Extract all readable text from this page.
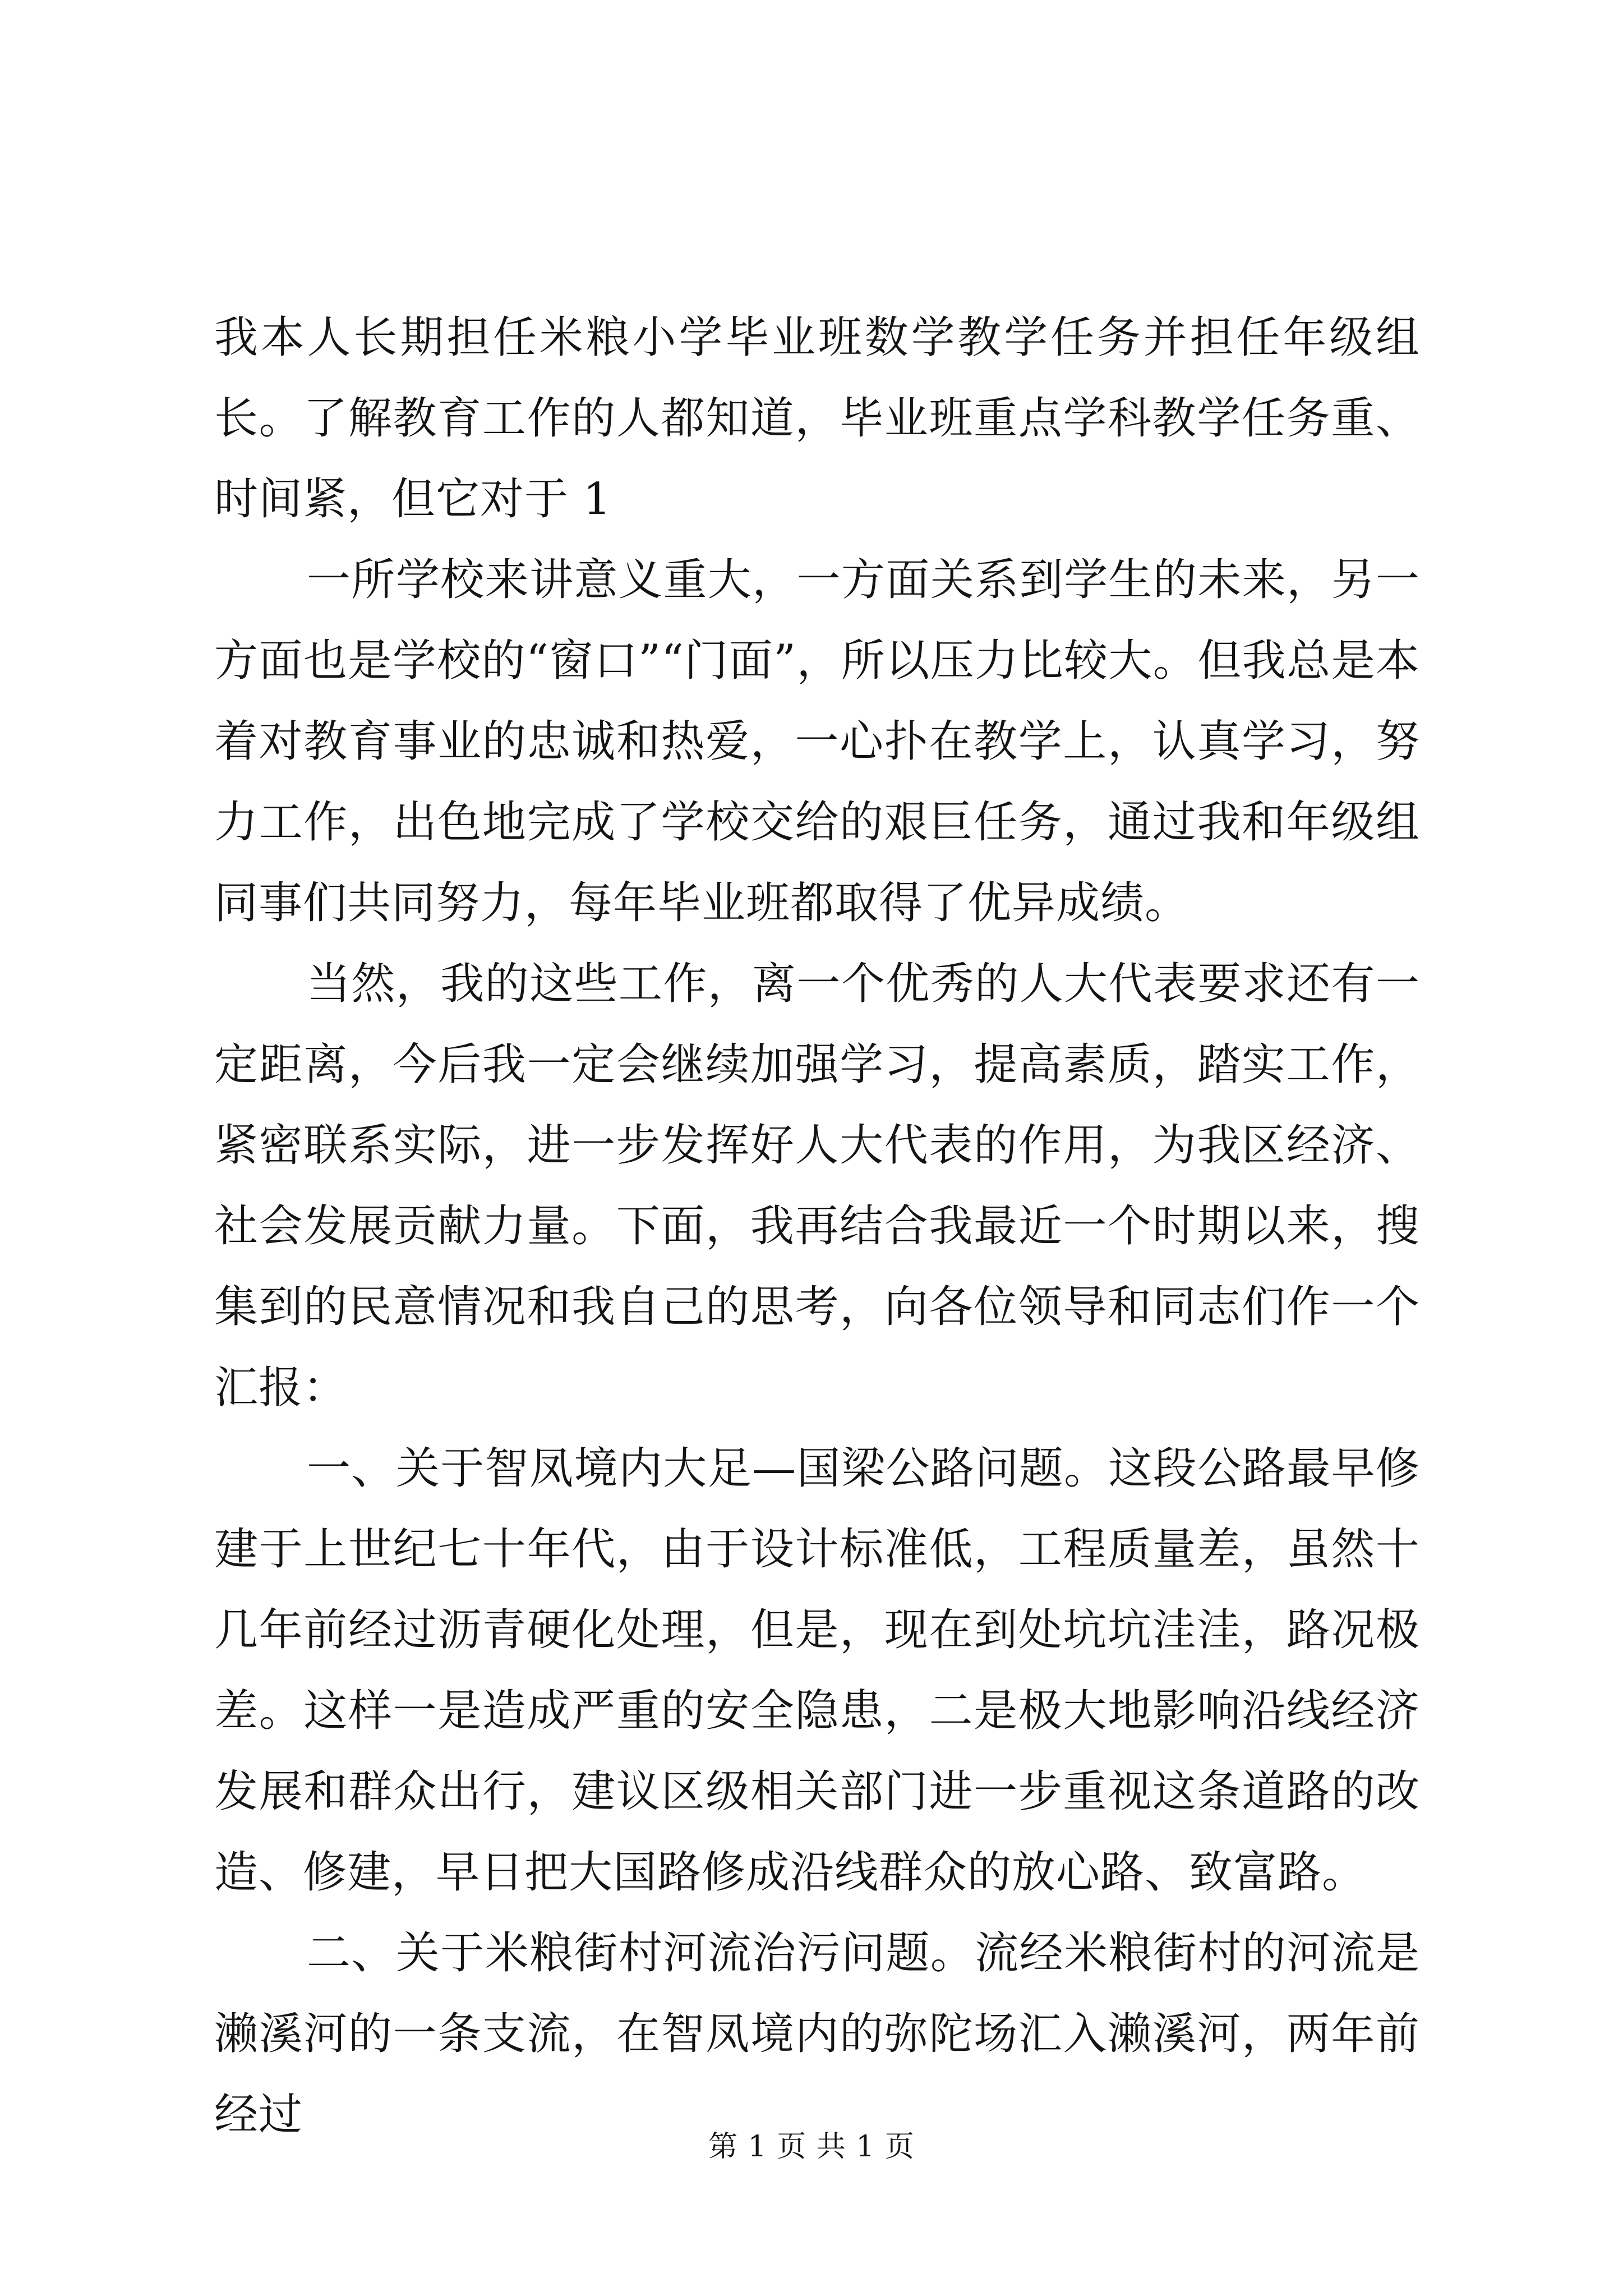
我本人长期担任米粮小学毕业班数学教学任务并担任年级组长。了解教育工作的人都知道，毕业班重点学科教学任务重、时间紧，但它对于 1

一所学校来讲意义重大，一方面关系到学生的未来，另一方面也是学校的“窗口”“门面”，所以压力比较大。但我总是本着对教育事业的忠诚和热爱，一心扑在教学上，认真学习，努力工作，出色地完成了学校交给的艰巨任务，通过我和年级组同事们共同努力，每年毕业班都取得了优异成绩。

当然，我的这些工作，离一个优秀的人大代表要求还有一定距离，今后我一定会继续加强学习，提高素质，踏实工作，紧密联系实际，进一步发挥好人大代表的作用，为我区经济、社会发展贡献力量。下面，我再结合我最近一个时期以来，搜集到的民意情况和我自己的思考，向各位领导和同志们作一个汇报：

一、关于智凤境内大足—国梁公路问题。这段公路最早修建于上世纪七十年代，由于设计标准低，工程质量差，虽然十几年前经过沥青硬化处理，但是，现在到处坑坑洼洼，路况极差。这样一是造成严重的安全隐患，二是极大地影响沿线经济发展和群众出行，建议区级相关部门进一步重视这条道路的改造、修建，早日把大国路修成沿线群众的放心路、致富路。

二、关于米粮街村河流治污问题。流经米粮街村的河流是濑溪河的一条支流，在智凤境内的弥陀场汇入濑溪河，两年前经过

第 1 页 共 1 页
